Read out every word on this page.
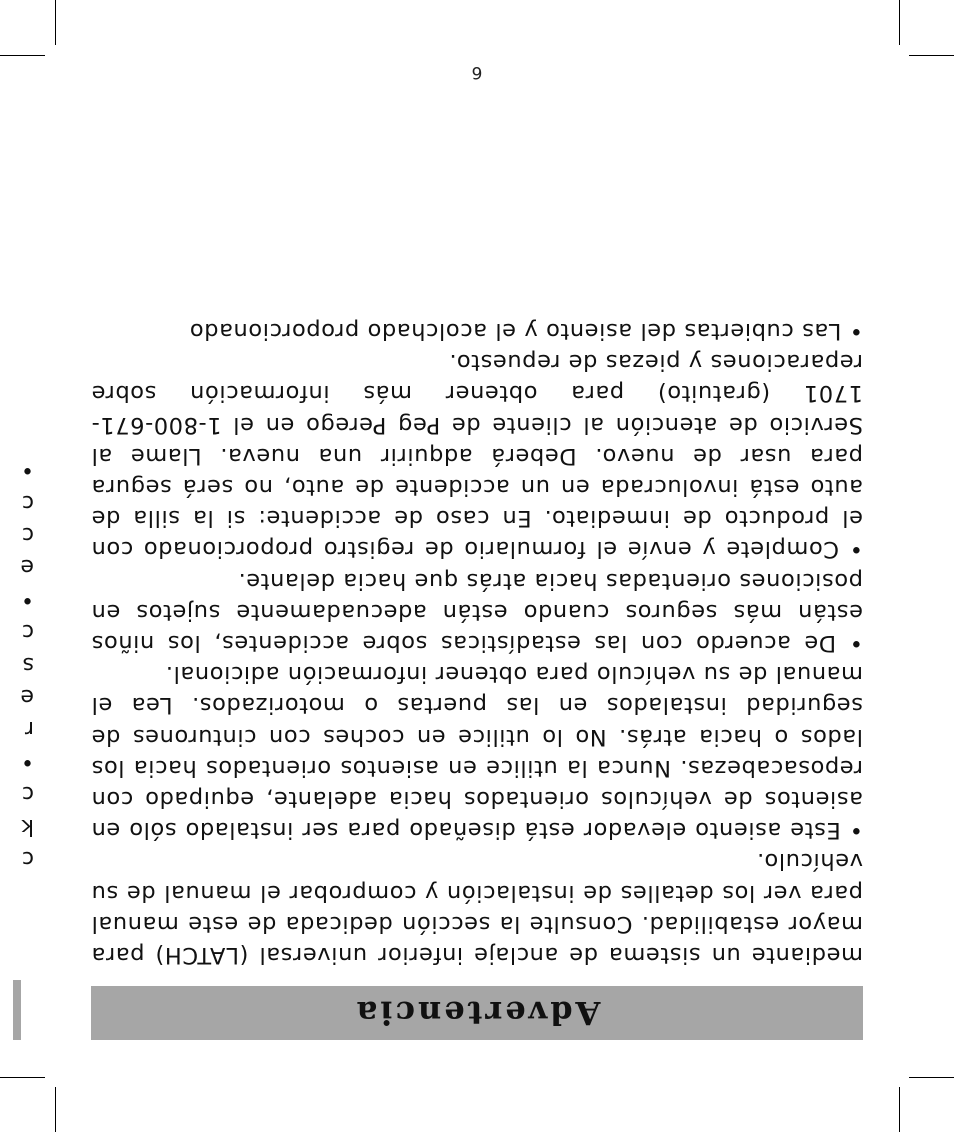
6
Advertencia

mediante un sistema de anclaje inferior universal (LATCH) para mayor estabilidad. Consulte la sección dedicada de este manual para ver los detalles de instalación y comprobar el manual de su vehículo.

• Este asiento elevador está diseñado para ser instalado sólo en asientos de vehículos orientados hacia adelante, equipado con reposacabezas. Nunca la utilice en asientos orientados hacia los lados o hacia atrás. No lo utilice en coches con cinturones de seguridad instalados en las puertas o motorizados. Lea el manual de su vehículo para obtener información adicional.

• De acuerdo con las estadísticas sobre accidentes, los niños están más seguros cuando están adecuadamente sujetos en posiciones orientadas hacia atrás que hacia delante.

• Complete y envíe el formulario de registro proporcionado con el producto de inmediato. En caso de accidente: si la silla de auto está involucrada en un accidente de auto, no será segura para usar de nuevo. Deberá adquirir una nueva. Llame al Servicio de atención al cliente de Peg Perego en el 1-800-671- 1701 (gratuito) para obtener más información sobre reparaciones y piezas de repuesto.

• Las cubiertas del asiento y el acolchado proporcionado

c
k
c
•
r
e
s
c
•
e
c
c
•
